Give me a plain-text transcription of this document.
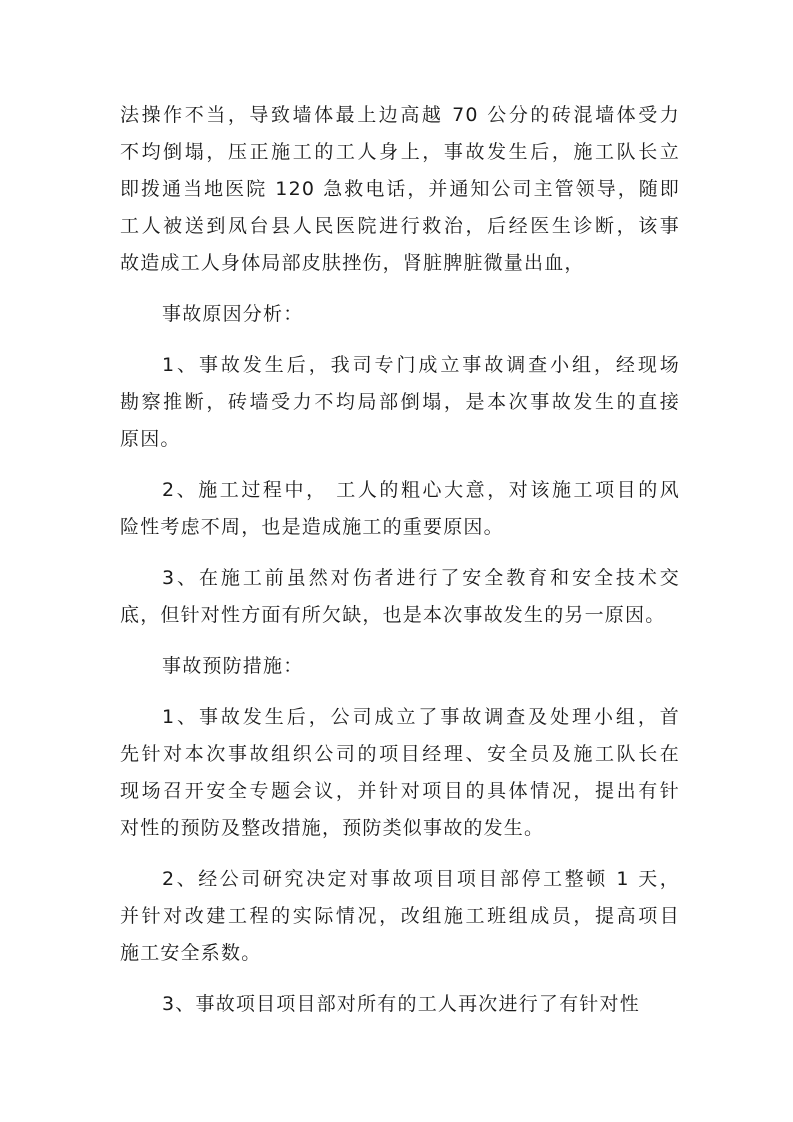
法操作不当，导致墙体最上边高越 70 公分的砖混墙体受力
不均倒塌，压正施工的工人身上，事故发生后，施工队长立
即拨通当地医院 120 急救电话，并通知公司主管领导，随即
工人被送到凤台县人民医院进行救治，后经医生诊断，该事
故造成工人身体局部皮肤挫伤，肾脏脾脏微量出血，
事故原因分析：
1、事故发生后，我司专门成立事故调查小组，经现场
勘察推断，砖墙受力不均局部倒塌，是本次事故发生的直接
原因。
2、施工过程中， 工人的粗心大意，对该施工项目的风
险性考虑不周，也是造成施工的重要原因。
3、在施工前虽然对伤者进行了安全教育和安全技术交
底，但针对性方面有所欠缺，也是本次事故发生的另一原因。
事故预防措施：
1、事故发生后，公司成立了事故调查及处理小组，首
先针对本次事故组织公司的项目经理、安全员及施工队长在
现场召开安全专题会议，并针对项目的具体情况，提出有针
对性的预防及整改措施，预防类似事故的发生。
2、经公司研究决定对事故项目项目部停工整顿 1 天，
并针对改建工程的实际情况，改组施工班组成员，提高项目
施工安全系数。
3、事故项目项目部对所有的工人再次进行了有针对性
